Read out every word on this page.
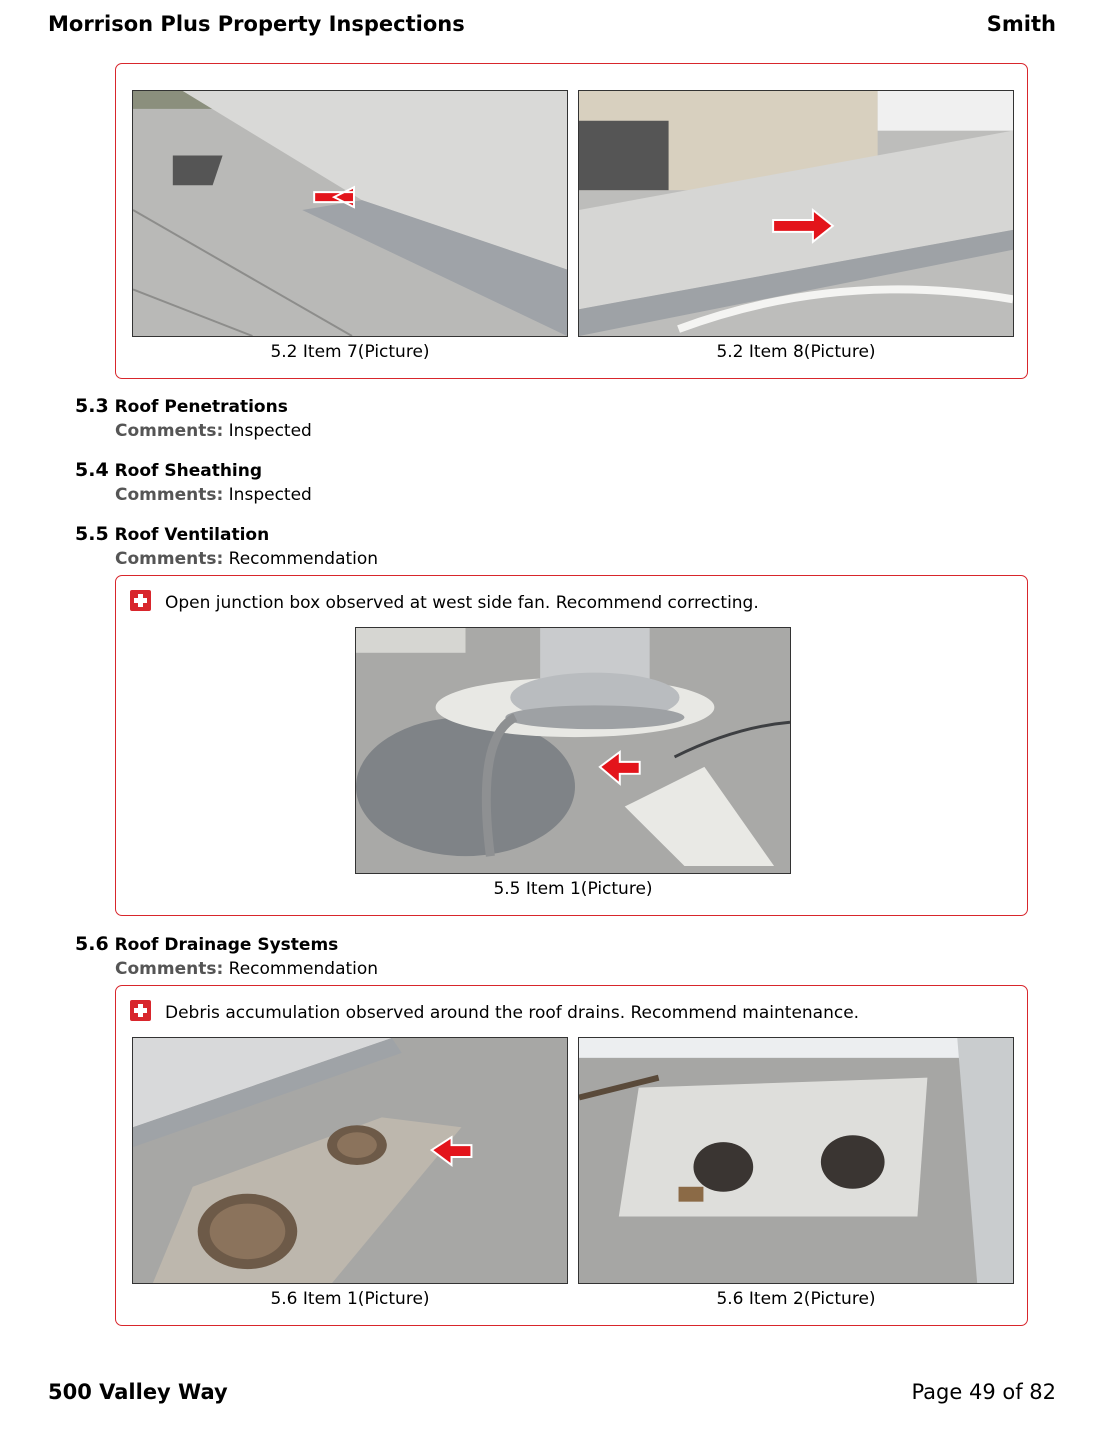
Morrison Plus Property Inspections	Smith
5.2 Item 7(Picture)	5.2 Item 8(Picture)
5.3 Roof Penetrations
Comments: Inspected
5.4 Roof Sheathing
Comments: Inspected
5.5 Roof Ventilation
Comments: Recommendation
Open junction box observed at west side fan. Recommend correcting.
5.5 Item 1(Picture)
5.6 Roof Drainage Systems
Comments: Recommendation
Debris accumulation observed around the roof drains. Recommend maintenance.
5.6 Item 1(Picture)	5.6 Item 2(Picture)
500 Valley Way	Page 49 of 82
